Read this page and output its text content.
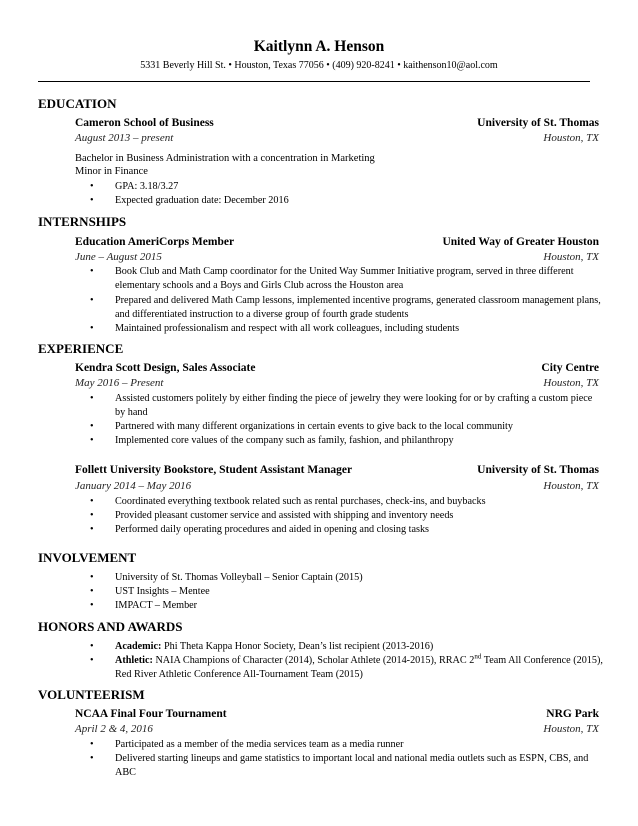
Kaitlynn A. Henson
5331 Beverly Hill St. • Houston, Texas 77056 • (409) 920-8241 • kaithenson10@aol.com
EDUCATION
Cameron School of Business	University of St. Thomas
August 2013 – present	Houston, TX
Bachelor in Business Administration with a concentration in Marketing
Minor in Finance
• GPA: 3.18/3.27
• Expected graduation date: December 2016
INTERNSHIPS
Education AmeriCorps Member	United Way of Greater Houston
June – August 2015	Houston, TX
• Book Club and Math Camp coordinator for the United Way Summer Initiative program, served in three different elementary schools and a Boys and Girls Club across the Houston area
• Prepared and delivered Math Camp lessons, implemented incentive programs, generated classroom management plans, and differentiated instruction to a diverse group of fourth grade students
• Maintained professionalism and respect with all work colleagues, including students
EXPERIENCE
Kendra Scott Design, Sales Associate	City Centre
May 2016 – Present	Houston, TX
• Assisted customers politely by either finding the piece of jewelry they were looking for or by crafting a custom piece by hand
• Partnered with many different organizations in certain events to give back to the local community
• Implemented core values of the company such as family, fashion, and philanthropy
Follett University Bookstore, Student Assistant Manager	University of St. Thomas
January 2014 – May 2016	Houston, TX
• Coordinated everything textbook related such as rental purchases, check-ins, and buybacks
• Provided pleasant customer service and assisted with shipping and inventory needs
• Performed daily operating procedures and aided in opening and closing tasks
INVOLVEMENT
• University of St. Thomas Volleyball – Senior Captain (2015)
• UST Insights – Mentee
• IMPACT – Member
HONORS AND AWARDS
• Academic: Phi Theta Kappa Honor Society, Dean’s list recipient (2013-2016)
• Athletic: NAIA Champions of Character (2014), Scholar Athlete (2014-2015), RRAC 2nd Team All Conference (2015), Red River Athletic Conference All-Tournament Team (2015)
VOLUNTEERISM
NCAA Final Four Tournament	NRG Park
April 2 & 4, 2016	Houston, TX
• Participated as a member of the media services team as a media runner
• Delivered starting lineups and game statistics to important local and national media outlets such as ESPN, CBS, and ABC
